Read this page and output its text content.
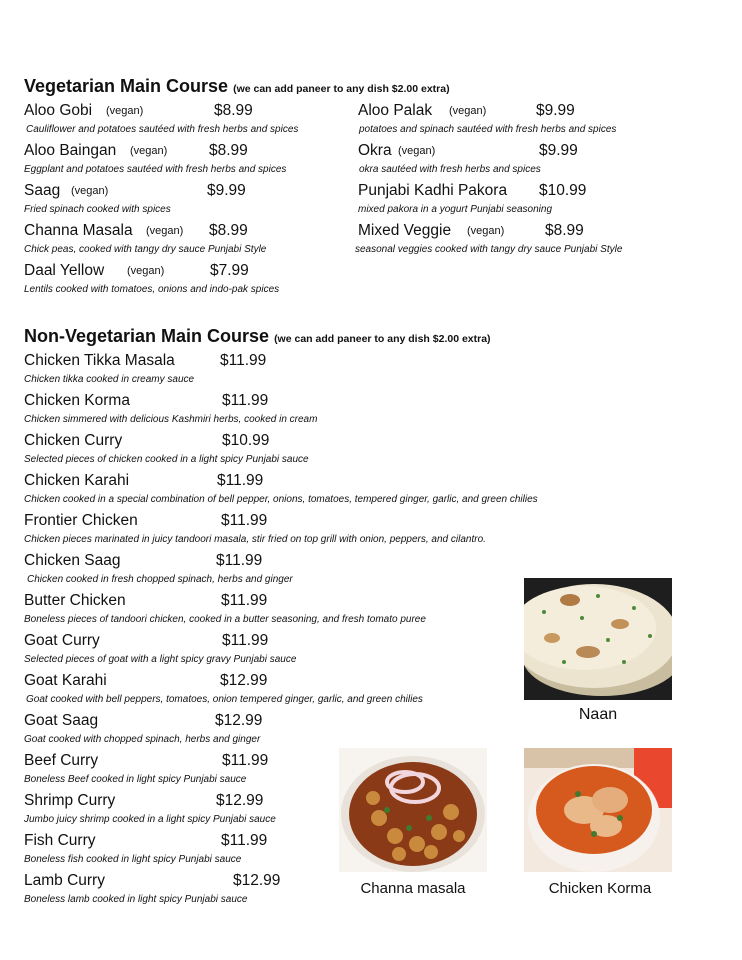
Vegetarian Main Course (we can add paneer to any dish $2.00 extra)
Aloo Gobi (vegan)	$8.99
Cauliflower and potatoes sautéed with fresh herbs and spices
Aloo Baingan (vegan)	$8.99
Eggplant and potatoes sautéed with fresh herbs and spices
Saag (vegan)	$9.99
Fried spinach cooked with spices
Channa Masala (vegan) $8.99
Chick peas, cooked with tangy dry sauce Punjabi Style
Daal Yellow (vegan)	$7.99
Lentils cooked with tomatoes, onions and indo-pak spices
Aloo Palak (vegan)	$9.99
potatoes and spinach sautéed with fresh herbs and spices
Okra (vegan)	$9.99
okra sautéed with fresh herbs and spices
Punjabi Kadhi Pakora $10.99
mixed pakora in a yogurt Punjabi seasoning
Mixed Veggie (vegan)	$8.99
seasonal veggies cooked with tangy dry sauce Punjabi Style
Non-Vegetarian Main Course (we can add paneer to any dish $2.00 extra)
Chicken Tikka Masala	$11.99
Chicken tikka cooked in creamy sauce
Chicken Korma	$11.99
Chicken simmered with delicious Kashmiri herbs, cooked in cream
Chicken Curry	$10.99
Selected pieces of chicken cooked in a light spicy Punjabi sauce
Chicken Karahi	$11.99
Chicken cooked in a special combination of bell pepper, onions, tomatoes, tempered ginger, garlic, and green chilies
Frontier Chicken	$11.99
Chicken pieces marinated in juicy tandoori masala, stir fried on top grill with onion, peppers, and cilantro.
Chicken Saag	$11.99
Chicken cooked in fresh chopped spinach, herbs and ginger
Butter Chicken	$11.99
Boneless pieces of tandoori chicken, cooked in a butter seasoning, and fresh tomato puree
Goat Curry	$11.99
Selected pieces of goat with a light spicy gravy Punjabi sauce
Goat Karahi	$12.99
Goat cooked with bell peppers, tomatoes, onion tempered ginger, garlic, and green chilies
Goat Saag	$12.99
Goat cooked with chopped spinach, herbs and ginger
Beef Curry	$11.99
Boneless Beef cooked in light spicy Punjabi sauce
Shrimp Curry	$12.99
Jumbo juicy shrimp cooked in a light spicy Punjabi sauce
Fish Curry	$11.99
Boneless fish cooked in light spicy Punjabi sauce
Lamb Curry	$12.99
Boneless lamb cooked in light spicy Punjabi sauce
Naan
Channa masala	Chicken Korma
